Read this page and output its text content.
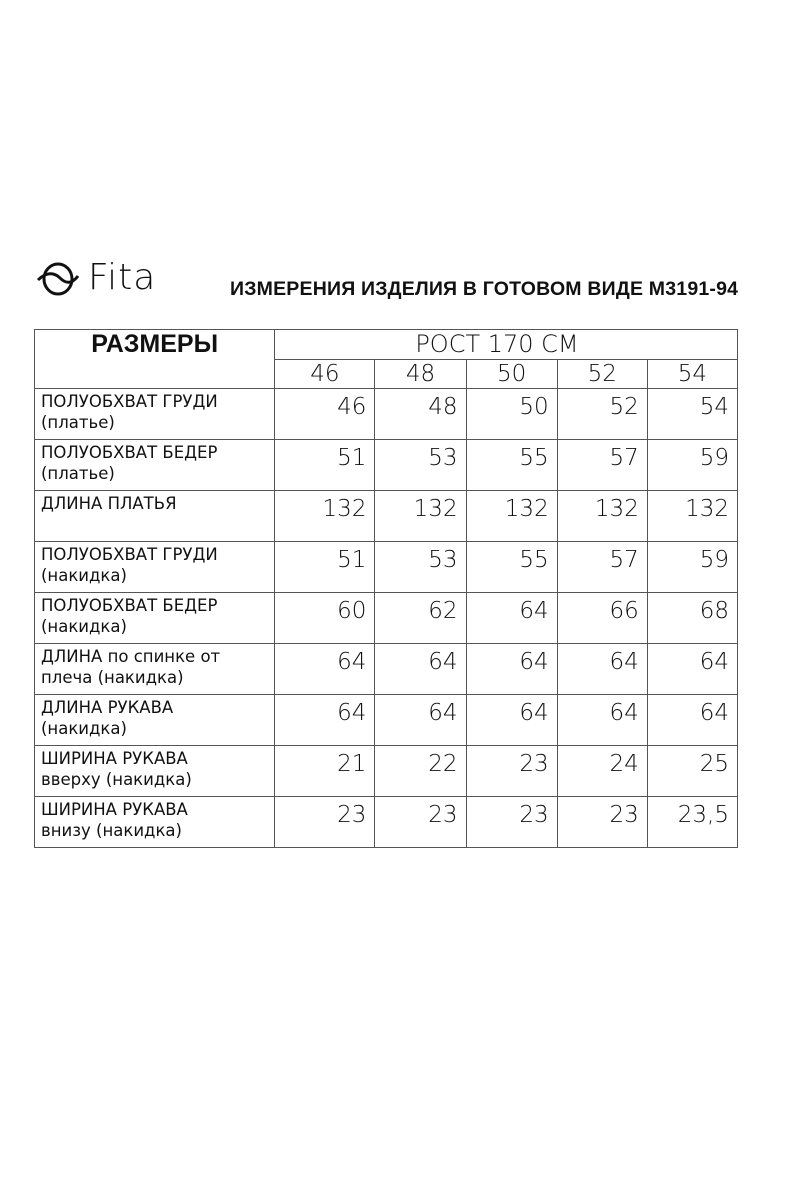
Fita	ИЗМЕРЕНИЯ ИЗДЕЛИЯ В ГОТОВОМ ВИДЕ М3191-94
РАЗМЕРЫ	РОСТ 170 СМ				
	46	48	50	52	54

ПОЛУОБХВАТ ГРУДИ
(платье)	46	48	50	52	54

ПОЛУОБХВАТ БЕДЕР
(платье)	51	53	55	57	59

ДЛИНА ПЛАТЬЯ	132	132	132	132	132

ПОЛУОБХВАТ ГРУДИ
(накидка)	51	53	55	57	59

ПОЛУОБХВАТ БЕДЕР
(накидка)	60	62	64	66	68

ДЛИНА по спинке от
плеча (накидка)	64	64	64	64	64

ДЛИНА РУКАВА
(накидка)	64	64	64	64	64

ШИРИНА РУКАВА
вверху (накидка)	21	22	23	24	25

ШИРИНА РУКАВА
внизу (накидка)	23	23	23	23	23,5
